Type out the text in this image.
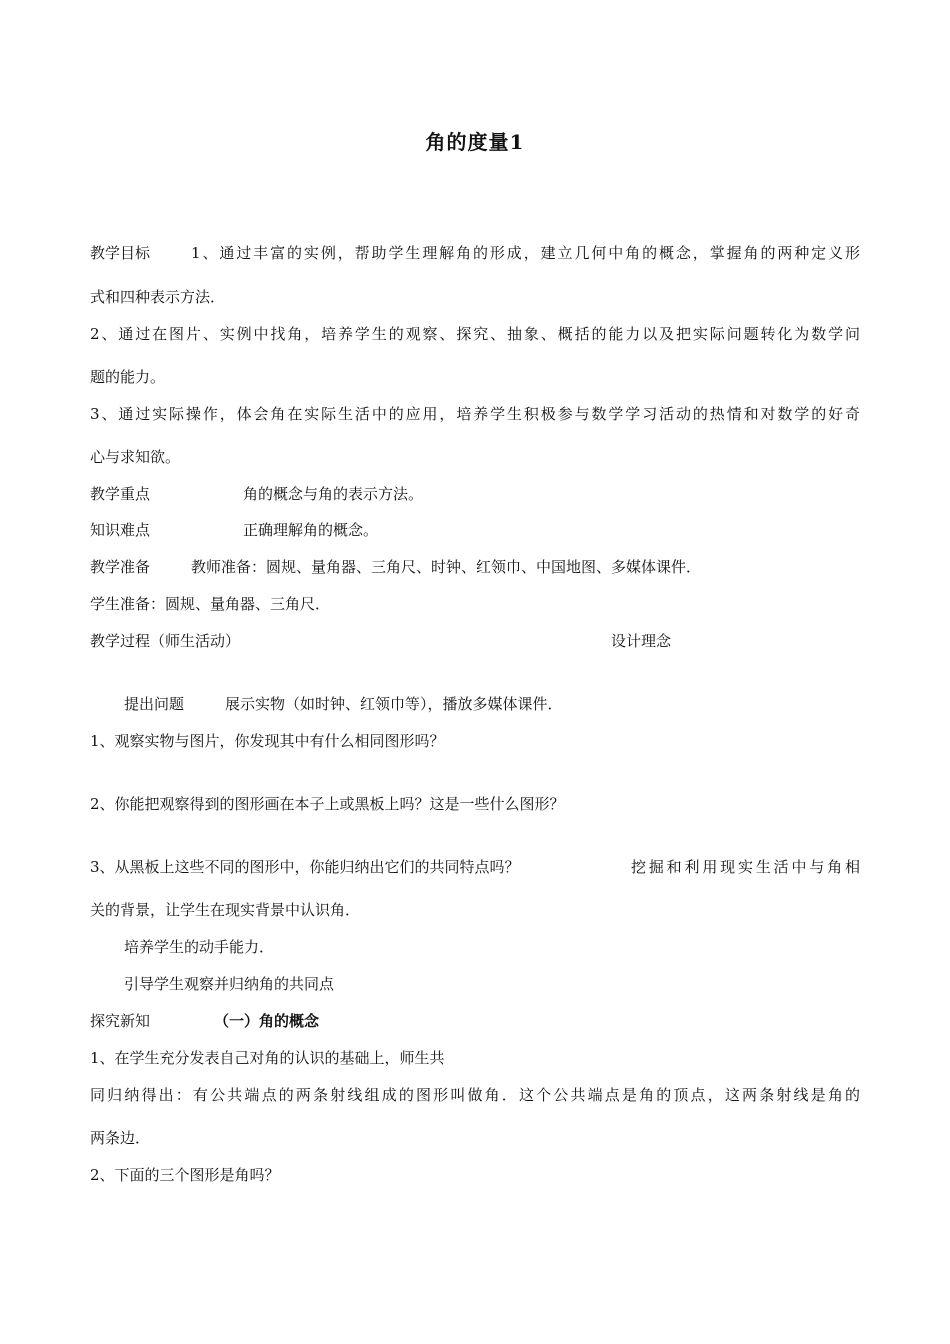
角的度量1
教学目标	1、通过丰富的实例，帮助学生理解角的形成，建立几何中角的概念，掌握角的两种定义形
式和四种表示方法．
2、通过在图片、实例中找角，培养学生的观察、探究、抽象、概括的能力以及把实际问题转化为数学问
题的能力。
3、通过实际操作，体会角在实际生活中的应用，培养学生积极参与数学学习活动的热情和对数学的好奇
心与求知欲。
教学重点	角的概念与角的表示方法。
知识难点	正确理解角的概念。
教学准备	教师准备：圆规、量角器、三角尺、时钟、红领巾、中国地图、多媒体课件．
学生准备：圆规、量角器、三角尺．
教学过程（师生活动）	设计理念
提出问题	展示实物（如时钟、红领巾等），播放多媒体课件．
1、观察实物与图片，你发现其中有什么相同图形吗？
2、你能把观察得到的图形画在本子上或黑板上吗？这是一些什么图形？
3、从黑板上这些不同的图形中，你能归纳出它们的共同特点吗？	挖掘和利用现实生活中与角相
关的背景，让学生在现实背景中认识角．
培养学生的动手能力．
引导学生观察并归纳角的共同点
探究新知	（一）角的概念
1、在学生充分发表自己对角的认识的基础上，师生共
同归纳得出：有公共端点的两条射线组成的图形叫做角．这个公共端点是角的顶点，这两条射线是角的
两条边．
2、下面的三个图形是角吗？
